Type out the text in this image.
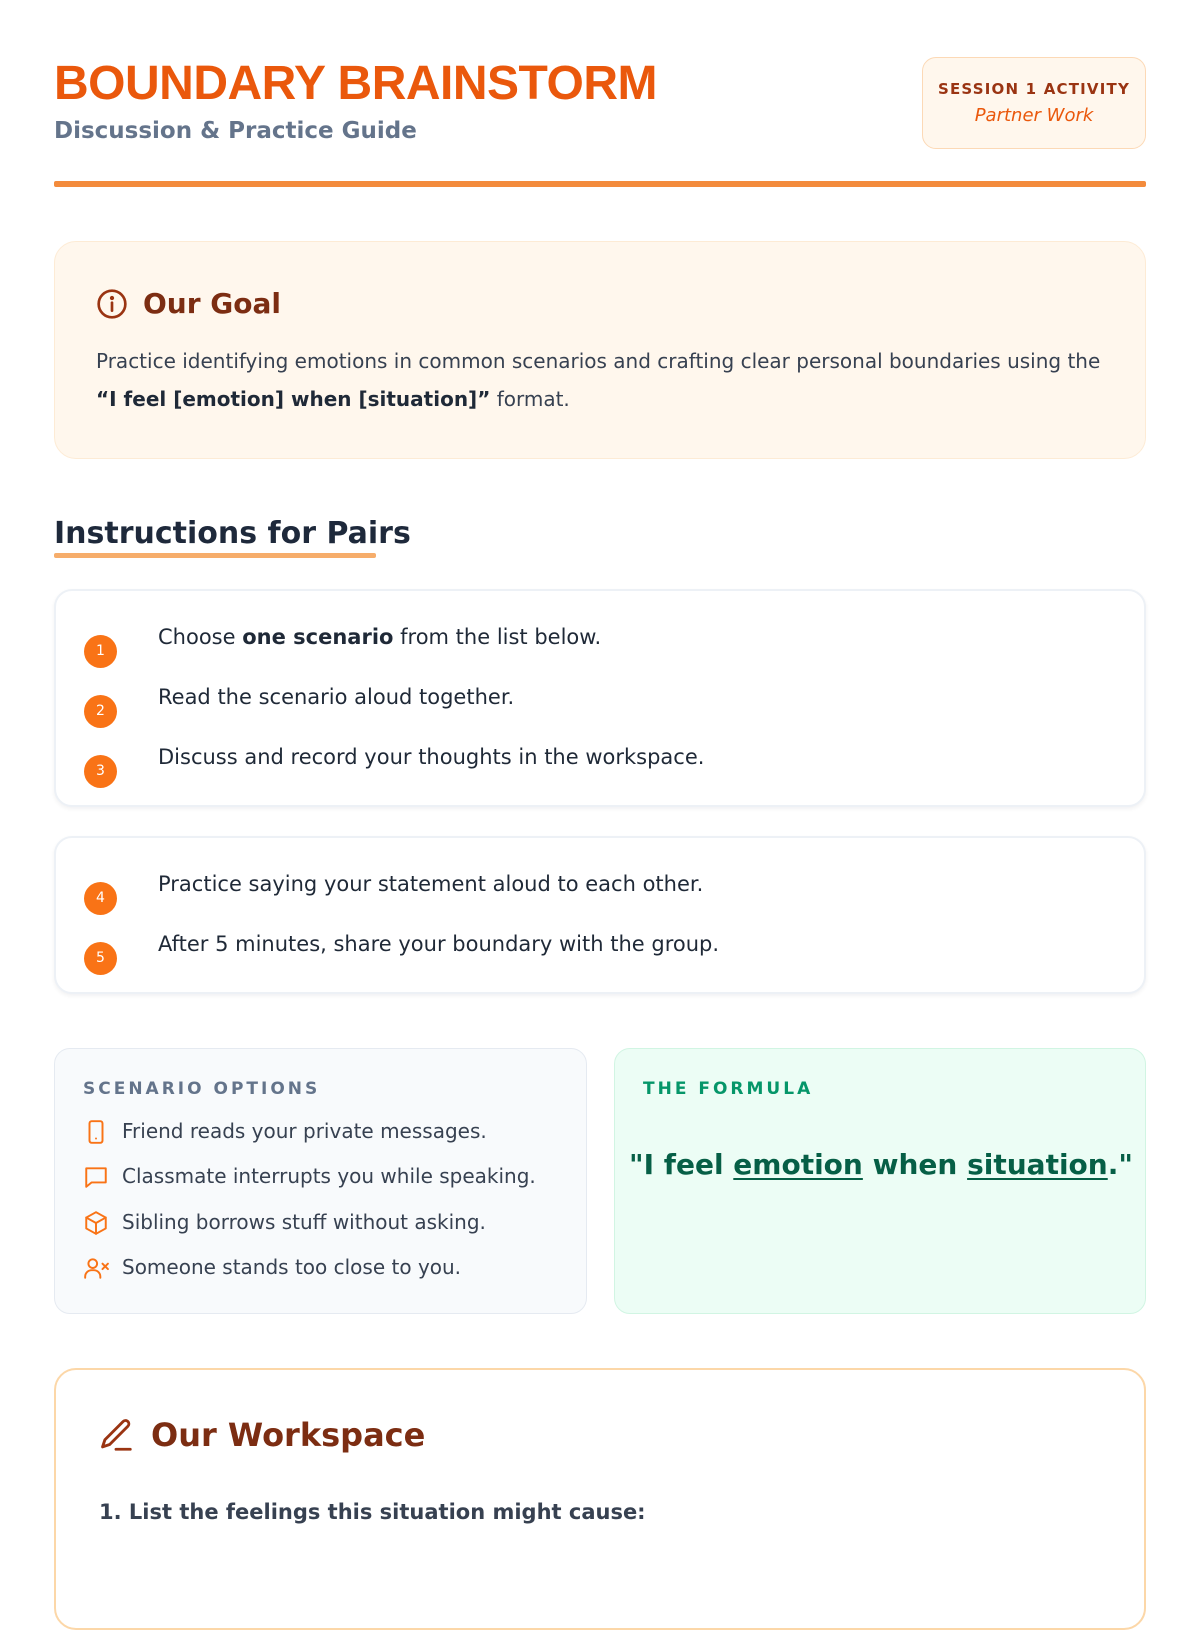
BOUNDARY BRAINSTORM

Discussion & Practice Guide

SESSION 1 ACTIVITY
Partner Work
Our Goal

Practice identifying emotions in common scenarios and crafting clear personal boundaries using the “I feel [emotion] when [situation]” format.

Instructions for Pairs
1
Choose one scenario from the list below.
2
Read the scenario aloud together.
3
Discuss and record your thoughts in the workspace.
4
Practice saying your statement aloud to each other.
5
After 5 minutes, share your boundary with the group.
SCENARIO OPTIONS
Friend reads your private messages.
Classmate interrupts you while speaking.
Sibling borrows stuff without asking.
Someone stands too close to you.
THE FORMULA
"I feel emotion when situation."
Our Workspace

1. List the feelings this situation might cause:
